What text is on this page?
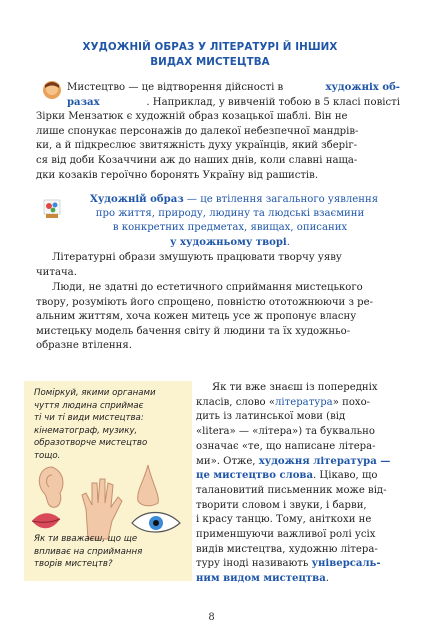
ХУДОЖНІЙ ОБРАЗ У ЛІТЕРАТУРІ Й ІНШИХ
ВИДАХ МИСТЕЦТВА
Мистецтво — це відтворення дійсності в	художніх об-
разах	. Наприклад, у вивченій тобою в 5 класі повісті
Зірки Мензатюк є художній образ козацької шаблі. Він не
лише спонукає персонажів до далекої небезпечної мандрів-
ки, а й підкреслює звитяжність духу українців, який зберіг-
ся від доби Козаччини аж до наших днів, коли славні наща-
дки козаків героїчно боронять Україну від рашистів.
Художній образ — це втілення загального уявлення
про життя, природу, людину та людські взаємини
в конкретних предметах, явищах, описаних
у художньому творі.
Літературні образи змушують працювати творчу уяву
читача.
Люди, не здатні до естетичного сприймання мистецького
твору, розуміють його спрощено, повністю ототожнюючи з ре-
альним життям, хоча кожен митець усе ж пропонує власну
мистецьку модель бачення світу й людини та їх художньо-
образне втілення.
Поміркуй, якими органами
чуття людина сприймає
ті чи ті види мистецтва:
кінематограф, музику,
образотворче мистецтво
тощо.
Як ти вважаєш, що ще
впливає на сприймання
творів мистецтв?
Як ти вже знаєш із попередніх
класів, слово «література» похо-
дить із латинської мови (від
«litera» — «літера») та буквально
означає «те, що написане літера-
ми». Отже, художня література —
це мистецтво слова. Цікаво, що
талановитий письменник може від-
творити словом і звуки, і барви,
і красу танцю. Тому, аніткохи не
применшуючи важливої ролі усіх
видів мистецтва, художню літера-
туру іноді називають універсаль-
ним видом мистецтва.
8
